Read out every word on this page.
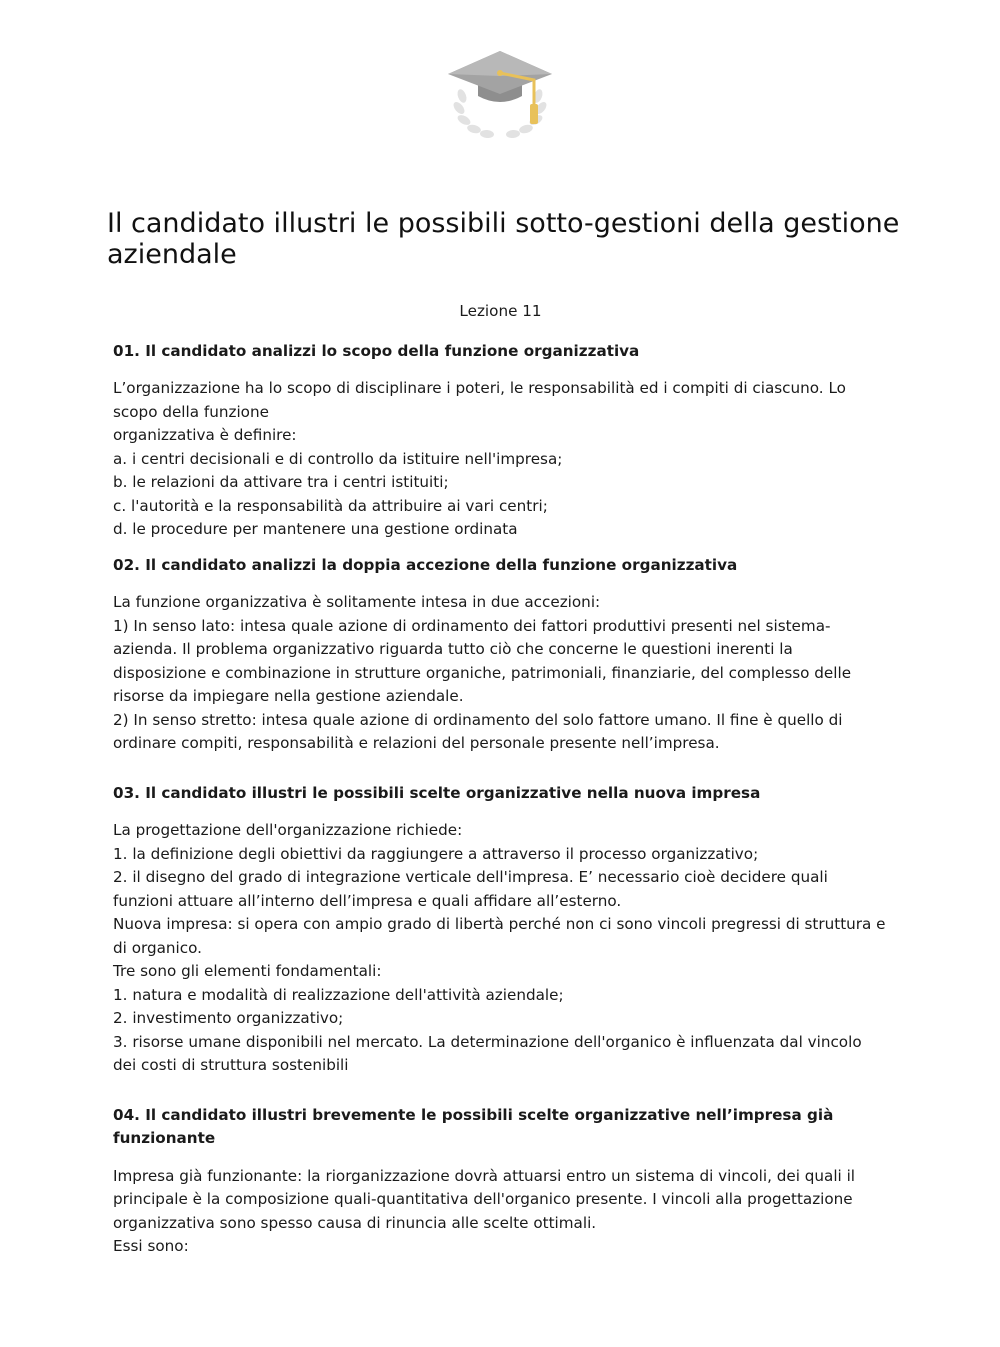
Il candidato illustri le possibili sotto-gestioni della gestione aziendale
Lezione 11
01. Il candidato analizzi lo scopo della funzione organizzativa
L’organizzazione ha lo scopo di disciplinare i poteri, le responsabilità ed i compiti di ciascuno. Lo scopo della funzione
organizzativa è definire:
a. i centri decisionali e di controllo da istituire nell'impresa;
b. le relazioni da attivare tra i centri istituiti;
c. l'autorità e la responsabilità da attribuire ai vari centri;
d. le procedure per mantenere una gestione ordinata
02. Il candidato analizzi la doppia accezione della funzione organizzativa
La funzione organizzativa è solitamente intesa in due accezioni:
1) In senso lato: intesa quale azione di ordinamento dei fattori produttivi presenti nel sistema-azienda. Il problema organizzativo riguarda tutto ciò che concerne le questioni inerenti la disposizione e combinazione in strutture organiche, patrimoniali, finanziarie, del complesso delle risorse da impiegare nella gestione aziendale.
2) In senso stretto: intesa quale azione di ordinamento del solo fattore umano. Il fine è quello di ordinare compiti, responsabilità e relazioni del personale presente nell’impresa.
03. Il candidato illustri le possibili scelte organizzative nella nuova impresa
La progettazione dell'organizzazione richiede:
1. la definizione degli obiettivi da raggiungere a attraverso il processo organizzativo;
2. il disegno del grado di integrazione verticale dell'impresa. E’ necessario cioè decidere quali funzioni attuare all’interno dell’impresa e quali affidare all’esterno.
Nuova impresa: si opera con ampio grado di libertà perché non ci sono vincoli pregressi di struttura e di organico.
Tre sono gli elementi fondamentali:
1. natura e modalità di realizzazione dell'attività aziendale;
2. investimento organizzativo;
3. risorse umane disponibili nel mercato. La determinazione dell'organico è influenzata dal vincolo dei costi di struttura sostenibili
04. Il candidato illustri brevemente le possibili scelte organizzative nell’impresa già funzionante
Impresa già funzionante: la riorganizzazione dovrà attuarsi entro un sistema di vincoli, dei quali il principale è la composizione quali-quantitativa dell'organico presente. I vincoli alla progettazione organizzativa sono spesso causa di rinuncia alle scelte ottimali.
Essi sono:
